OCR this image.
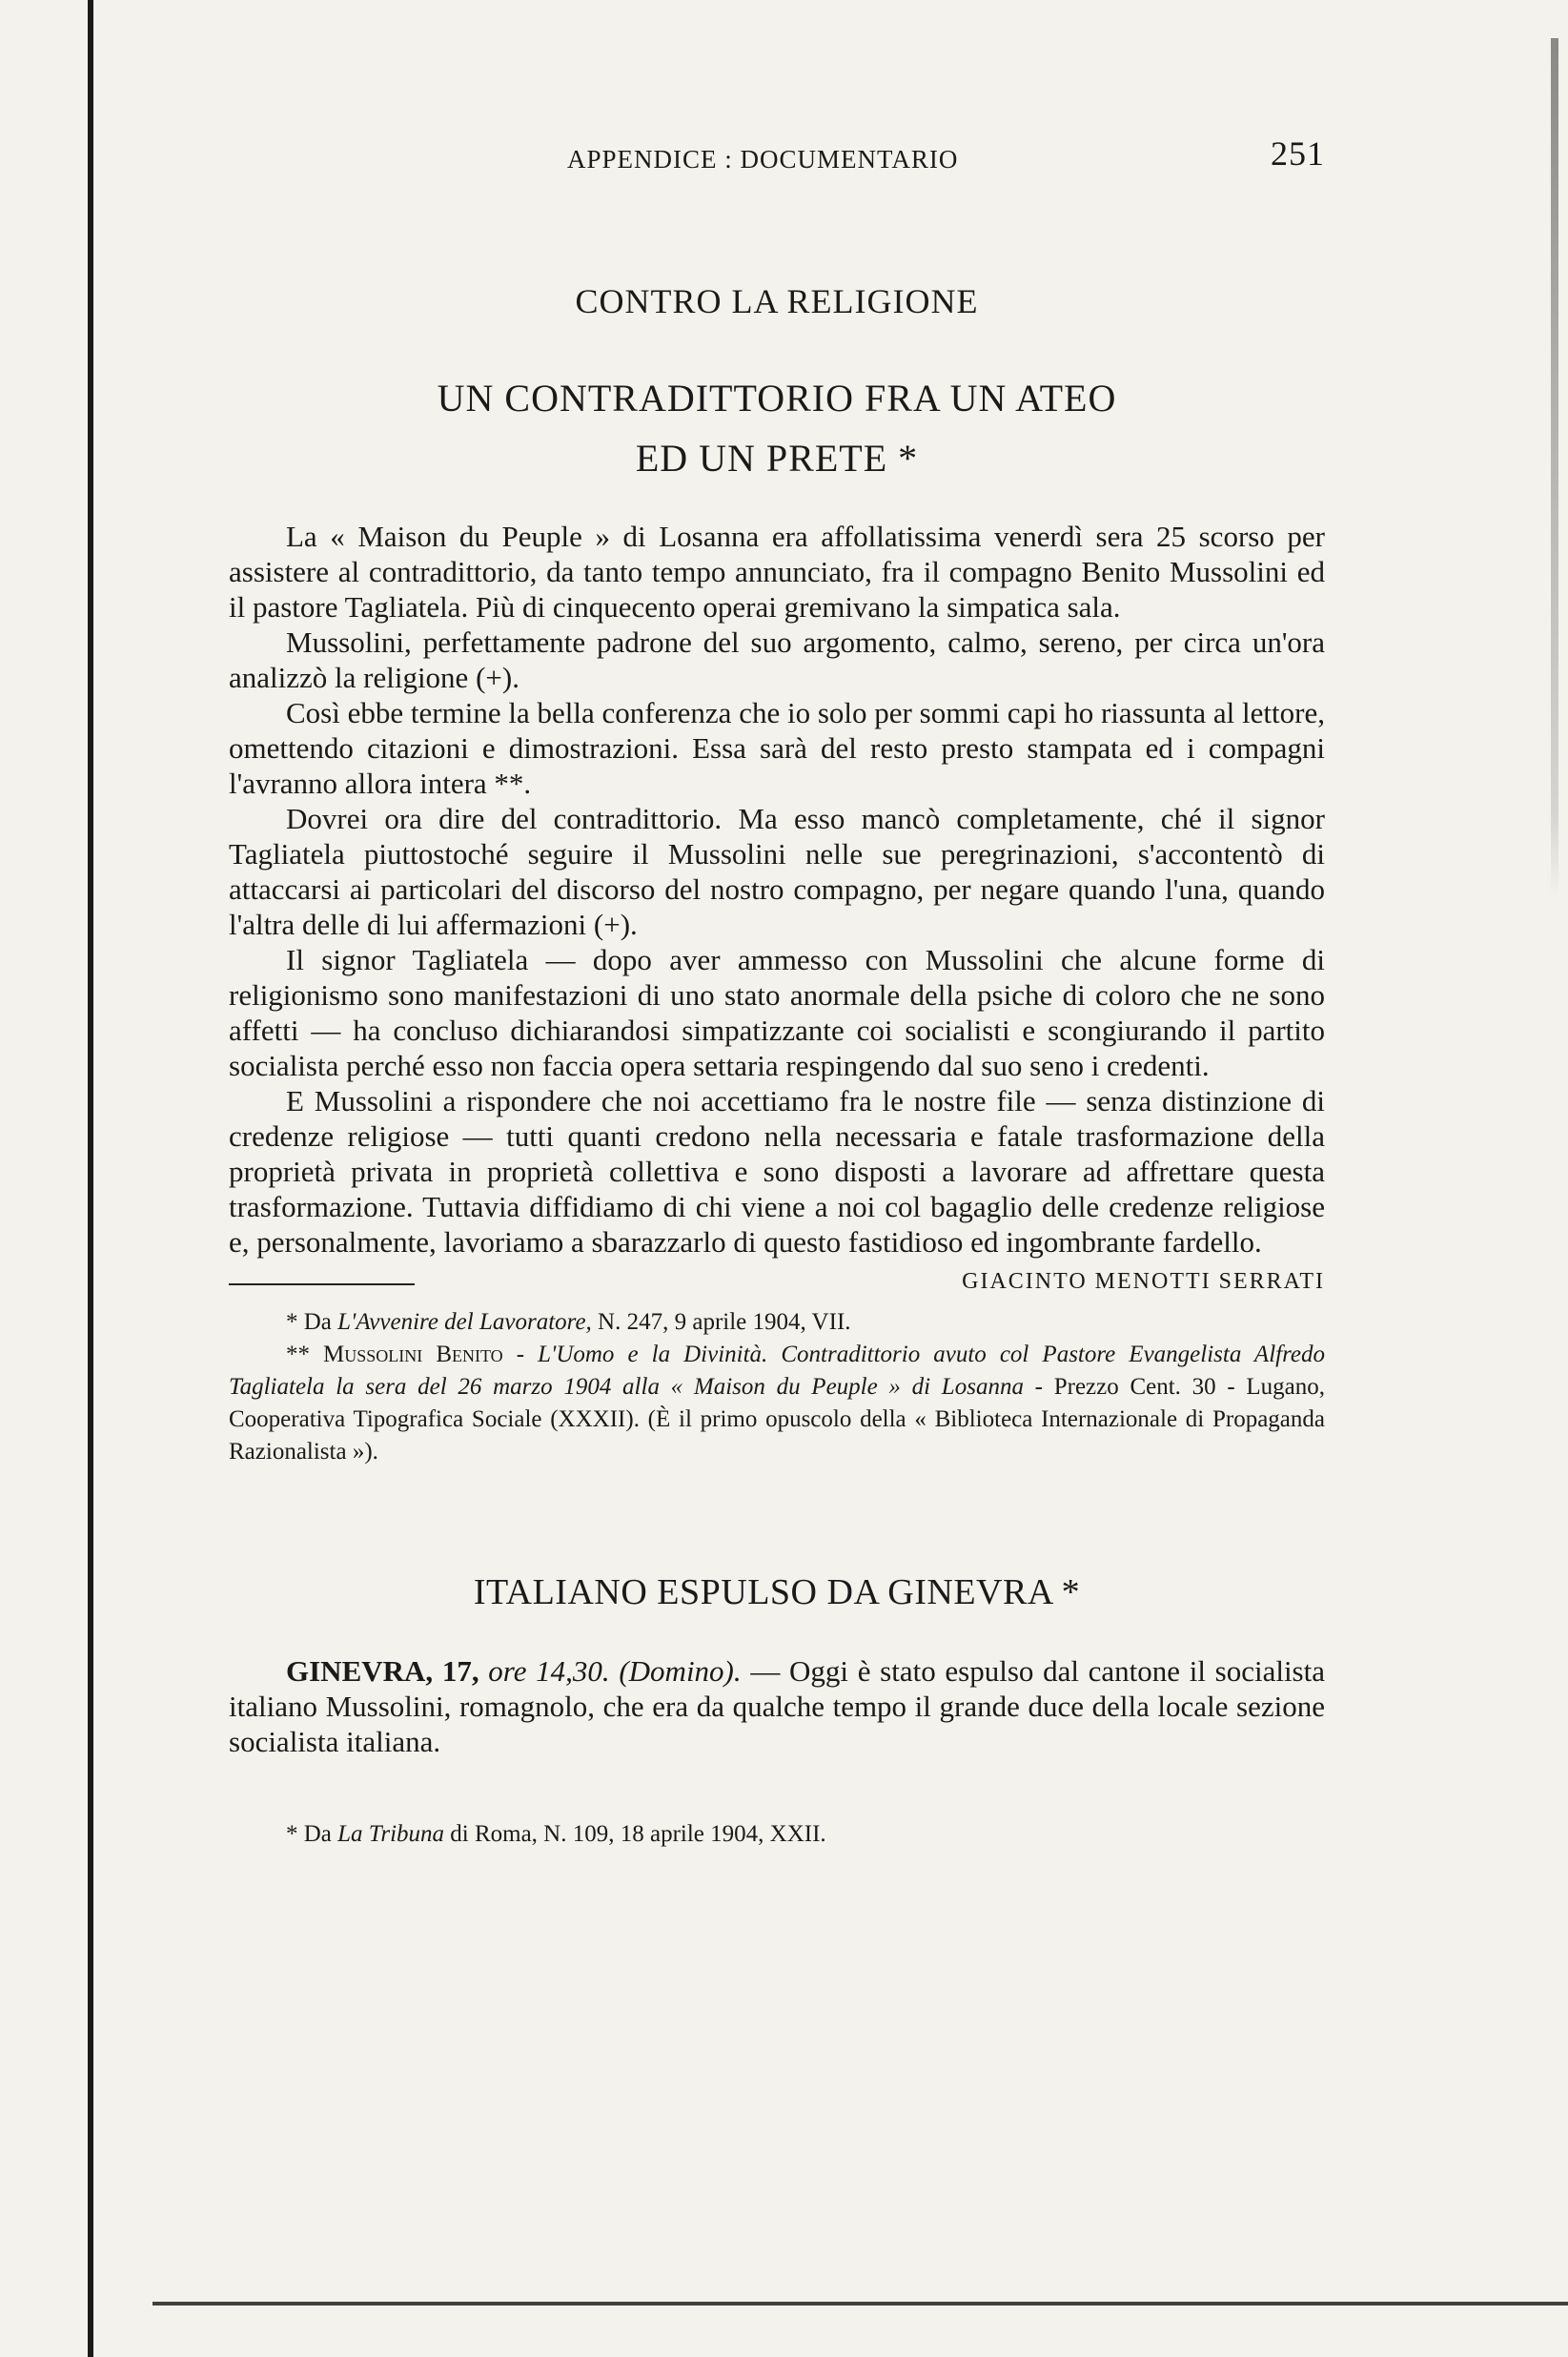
APPENDICE : DOCUMENTARIO	251
CONTRO LA RELIGIONE
UN CONTRADITTORIO FRA UN ATEO
ED UN PRETE *

La « Maison du Peuple » di Losanna era affollatissima venerdì sera 25 scorso per assistere al contradittorio, da tanto tempo annunciato, fra il compagno Benito Mussolini ed il pastore Tagliatela. Più di cinquecento operai gremivano la simpatica sala.

Mussolini, perfettamente padrone del suo argomento, calmo, sereno, per circa un'ora analizzò la religione (+).

Così ebbe termine la bella conferenza che io solo per sommi capi ho riassunta al lettore, omettendo citazioni e dimostrazioni. Essa sarà del resto presto stampata ed i compagni l'avranno allora intera **.

Dovrei ora dire del contradittorio. Ma esso mancò completamente, ché il signor Tagliatela piuttostoché seguire il Mussolini nelle sue peregrinazioni, s'accontentò di attaccarsi ai particolari del discorso del nostro compagno, per negare quando l'una, quando l'altra delle di lui affermazioni (+).

Il signor Tagliatela — dopo aver ammesso con Mussolini che alcune forme di religionismo sono manifestazioni di uno stato anormale della psiche di coloro che ne sono affetti — ha concluso dichiarandosi simpatizzante coi socialisti e scongiurando il partito socialista perché esso non faccia opera settaria respingendo dal suo seno i credenti.

E Mussolini a rispondere che noi accettiamo fra le nostre file — senza distinzione di credenze religiose — tutti quanti credono nella necessaria e fatale trasformazione della proprietà privata in proprietà collettiva e sono disposti a lavorare ad affrettare questa trasformazione. Tuttavia diffidiamo di chi viene a noi col bagaglio delle credenze religiose e, personalmente, lavoriamo a sbarazzarlo di questo fastidioso ed ingombrante fardello.

GIACINTO MENOTTI SERRATI

* Da L'Avvenire del Lavoratore, N. 247, 9 aprile 1904, VII.

** Mussolini Benito - L'Uomo e la Divinità. Contradittorio avuto col Pastore Evangelista Alfredo Tagliatela la sera del 26 marzo 1904 alla « Maison du Peuple » di Losanna - Prezzo Cent. 30 - Lugano, Cooperativa Tipografica Sociale (XXXII). (È il primo opuscolo della « Biblioteca Internazionale di Propaganda Razionalista »).

ITALIANO ESPULSO DA GINEVRA *

GINEVRA, 17, ore 14,30. (Domino). — Oggi è stato espulso dal cantone il socialista italiano Mussolini, romagnolo, che era da qualche tempo il grande duce della locale sezione socialista italiana.

* Da La Tribuna di Roma, N. 109, 18 aprile 1904, XXII.
